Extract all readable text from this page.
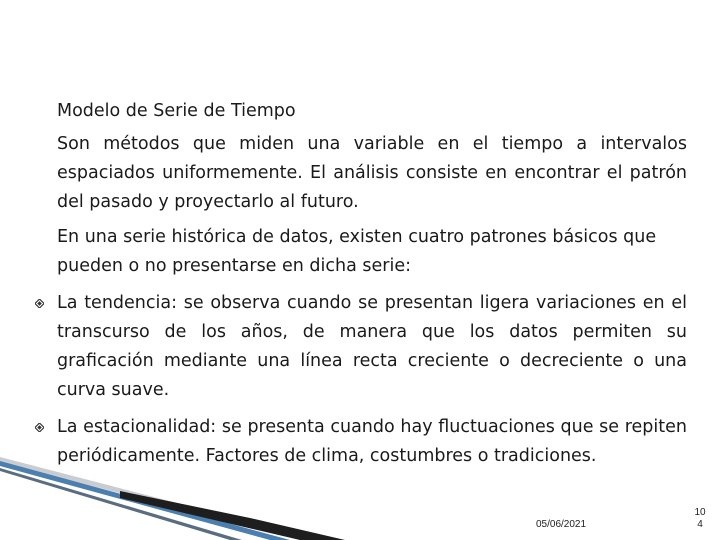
Modelo de Serie de Tiempo

Son métodos que miden una variable en el tiempo a intervalos espaciados uniformemente. El análisis consiste en encontrar el patrón del pasado y proyectarlo al futuro.

En una serie histórica de datos, existen cuatro patrones básicos que pueden o no presentarse en dicha serie:

La tendencia: se observa cuando se presentan ligera variaciones en el transcurso de los años, de manera que los datos permiten su graficación mediante una línea recta creciente o decreciente o una curva suave.

La estacionalidad: se presenta cuando hay fluctuaciones que se repiten periódicamente. Factores de clima, costumbres o tradiciones.

05/06/2021
10
4
